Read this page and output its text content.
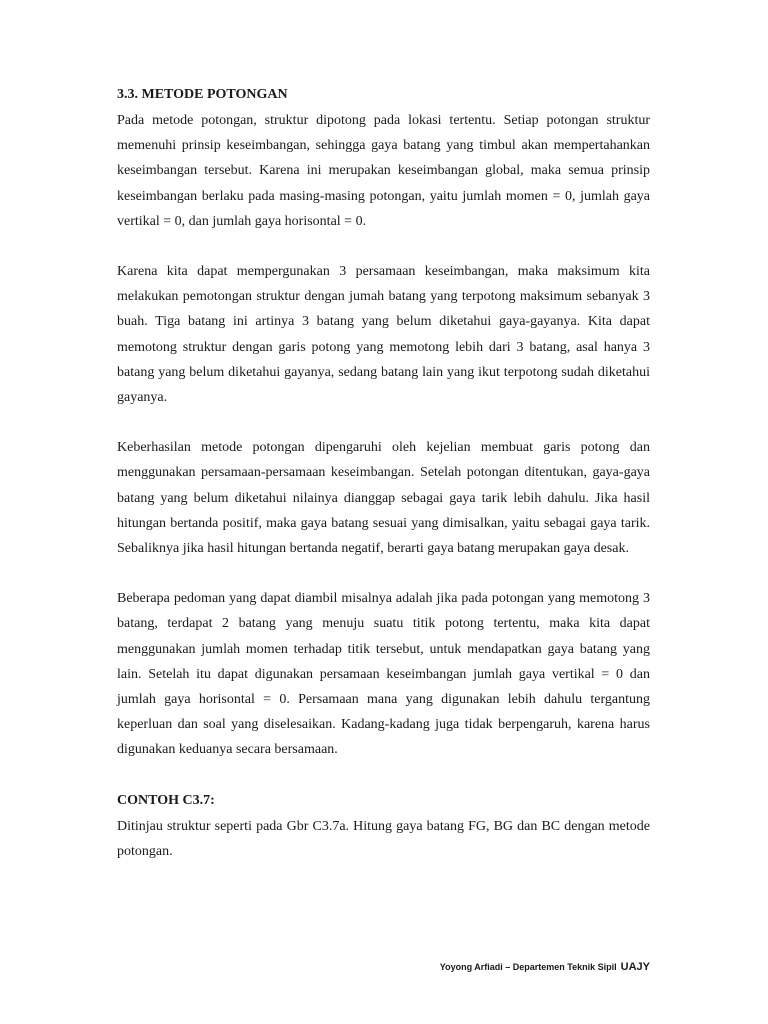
3.3. METODE POTONGAN

Pada metode potongan, struktur dipotong pada lokasi tertentu. Setiap potongan struktur memenuhi prinsip keseimbangan, sehingga gaya batang yang timbul akan mempertahankan keseimbangan tersebut. Karena ini merupakan keseimbangan global, maka semua prinsip keseimbangan berlaku pada masing-masing potongan, yaitu jumlah momen = 0, jumlah gaya vertikal = 0, dan jumlah gaya horisontal = 0.

Karena kita dapat mempergunakan 3 persamaan keseimbangan, maka maksimum kita melakukan pemotongan struktur dengan jumah batang yang terpotong maksimum sebanyak 3 buah. Tiga batang ini artinya 3 batang yang belum diketahui gaya-gayanya. Kita dapat memotong struktur dengan garis potong yang memotong lebih dari 3 batang, asal hanya 3 batang yang belum diketahui gayanya, sedang batang lain yang ikut terpotong sudah diketahui gayanya.

Keberhasilan metode potongan dipengaruhi oleh kejelian membuat garis potong dan menggunakan persamaan-persamaan keseimbangan. Setelah potongan ditentukan, gaya-gaya batang yang belum diketahui nilainya dianggap sebagai gaya tarik lebih dahulu. Jika hasil hitungan bertanda positif, maka gaya batang sesuai yang dimisalkan, yaitu sebagai gaya tarik. Sebaliknya jika hasil hitungan bertanda negatif, berarti gaya batang merupakan gaya desak.

Beberapa pedoman yang dapat diambil misalnya adalah jika pada potongan yang memotong 3 batang, terdapat 2 batang yang menuju suatu titik potong tertentu, maka kita dapat menggunakan jumlah momen terhadap titik tersebut, untuk mendapatkan gaya batang yang lain. Setelah itu dapat digunakan persamaan keseimbangan jumlah gaya vertikal = 0 dan jumlah gaya horisontal = 0. Persamaan mana yang digunakan lebih dahulu tergantung keperluan dan soal yang diselesaikan. Kadang-kadang juga tidak berpengaruh, karena harus digunakan keduanya secara bersamaan.

CONTOH C3.7:

Ditinjau struktur seperti pada Gbr C3.7a. Hitung gaya batang FG, BG dan BC dengan metode potongan.

Yoyong Arfiadi – Departemen Teknik Sipil UAJY
